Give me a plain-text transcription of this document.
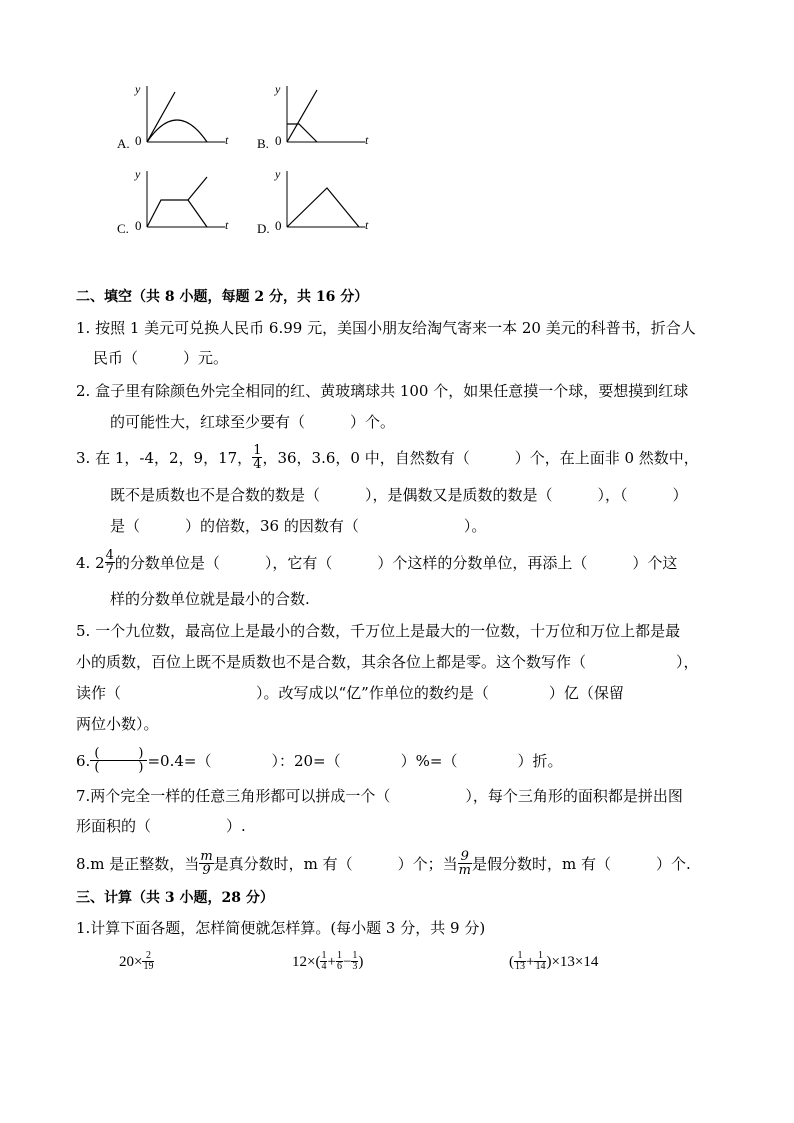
y
0	t
A.
y
0	t
B.
y
0	t
C.
y
0	t
D.
二、填空（共 8 小题，每题 2 分，共 16 分）
1. 按照 1 美元可兑换人民币 6.99 元，美国小朋友给淘气寄来一本 20 美元的科普书，折合人
民币（　　　）元。
2. 盒子里有除颜色外完全相同的红、黄玻璃球共 100 个，如果任意摸一个球，要想摸到红球
的可能性大，红球至少要有（　　　）个。
3. 在 1，-4，2，9，17， $\frac{1}{4}$ ，36，3.6，0 中，自然数有（　　　）个，在上面非 0 然数中，
既不是质数也不是合数的数是（　　　），是偶数又是质数的数是（　　　），（　　　）
是（　　　）的倍数，36 的因数有（　　　　　　　）。
4. $2 \frac{4}{7}$ 的分数单位是（　　　），它有（　　　）个这样的分数单位，再添上（　　　）个这
样的分数单位就是最小的合数.
5. 一个九位数，最高位上是最小的合数，千万位上是最大的一位数，十万位和万位上都是最
小的质数，百位上既不是质数也不是合数，其余各位上都是零。这个数写作（　　　　　　），
读作（　　　　　　　　　）。改写成以“亿”作单位的数约是（　　　　）亿（保留
两位小数）。
6. $\frac{( )}{( )} =0.4=$（　　　　）：20=（　　　　）%=（　　　　）折。
7.两个完全一样的任意三角形都可以拼成一个（　　　　　），每个三角形的面积都是拼出图
形面积的（　　　　　）.
8.m 是正整数，当 $\frac{m}{9}$ 是真分数时，m 有（　　　）个；当 $\frac{9}{m}$ 是假分数时，m 有（　　　）个.
三、计算（共 3 小题，28 分）
1.计算下面各题，怎样简便就怎样算。(每小题 3 分，共 9 分)
$20\times \frac{2}{19}$	$12\times( \frac{1}{4} + \frac{1}{6} - \frac{1}{3}$ )	( $\frac{1}{13} + \frac{1}{14} )\times 13\times 14$
